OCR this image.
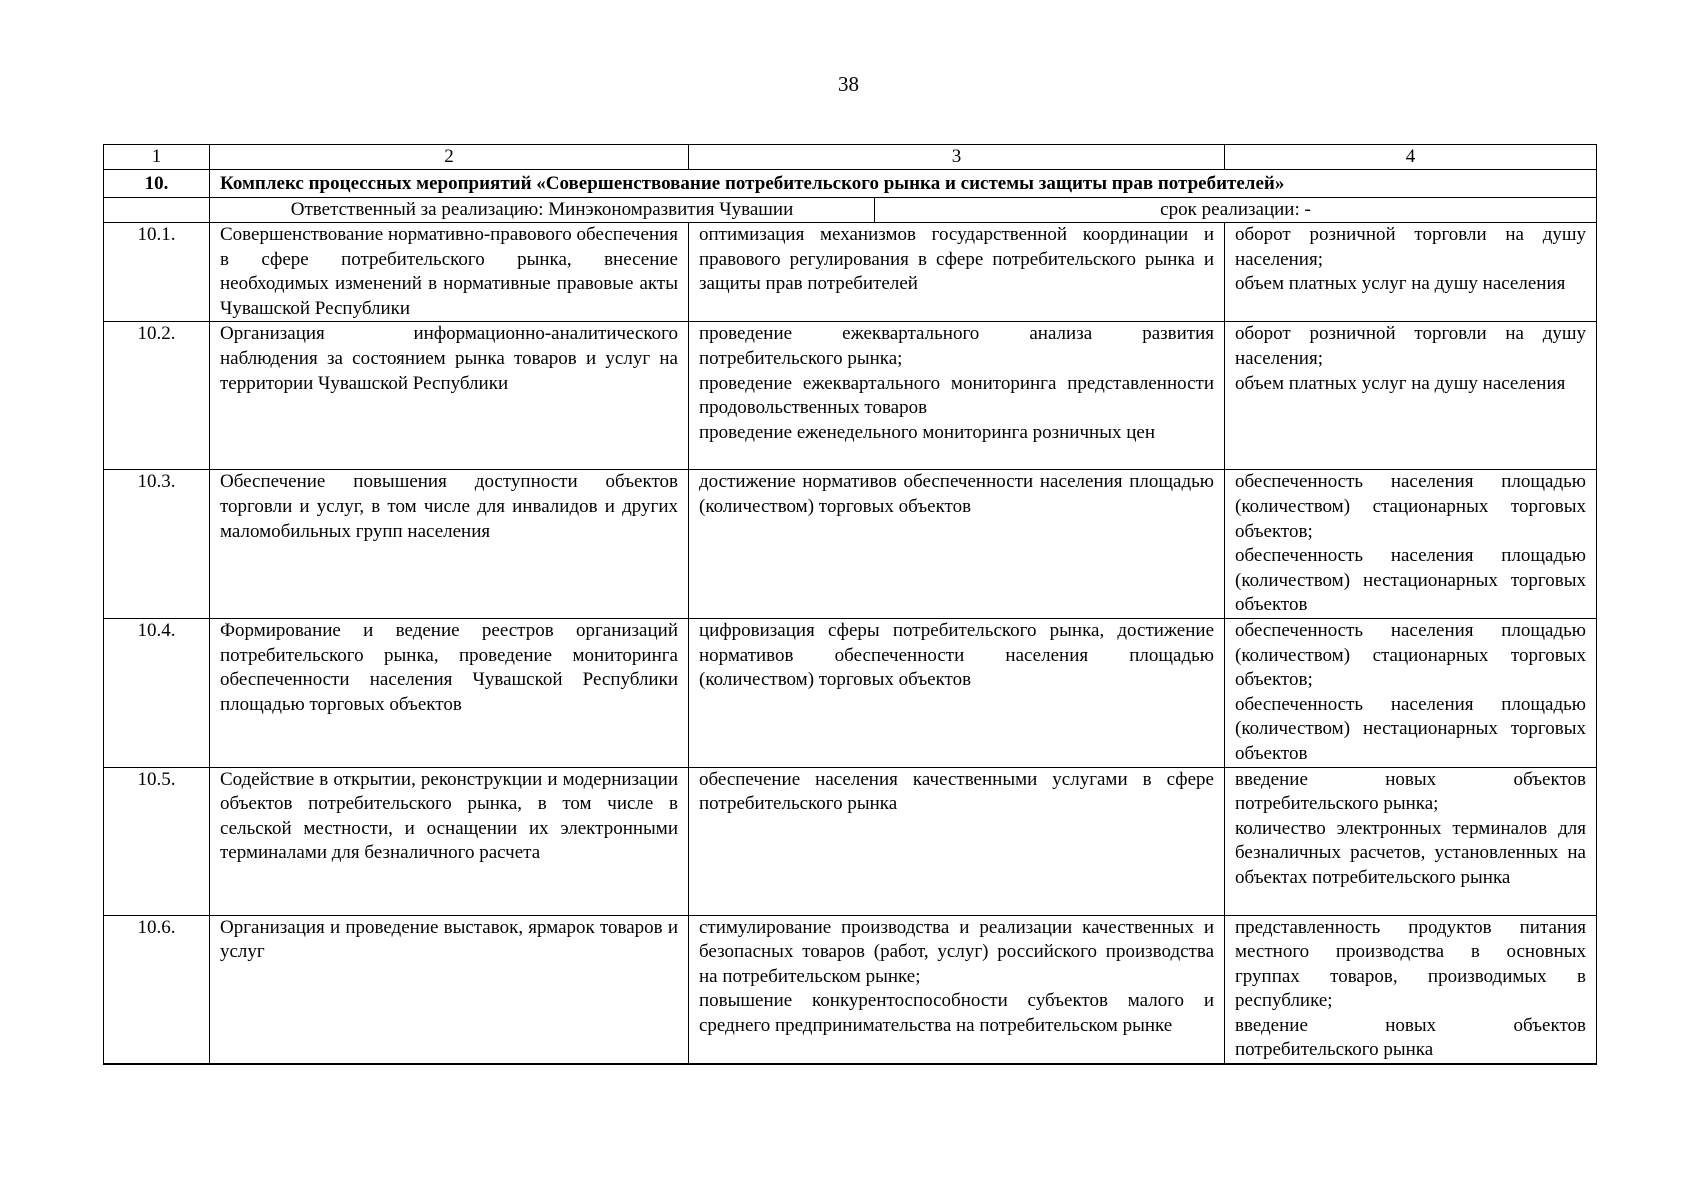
38
1	2	3	4
10.	Комплекс процессных мероприятий «Совершенствование потребительского рынка и системы защиты прав потребителей»		

	Ответственный за реализацию: Минэкономразвития Чувашии срок реализации: -		

10.1.	Совершенствование нормативно-правового обеспечения в сфере потребительского рынка, внесение необходимых изменений в нормативные правовые акты Чувашской Республики	оптимизация механизмов государственной координации и правового регулирования в сфере потребительского рынка и защиты прав потребителей	оборот розничной торговли на душу населения;
объем платных услуг на душу населения

10.2.	Организация информационно-аналитического наблюдения за состоянием рынка товаров и услуг на территории Чувашской Республики	проведение ежеквартального анализа развития потребительского рынка;
проведение ежеквартального мониторинга представленности продовольственных товаров
проведение еженедельного мониторинга розничных цен	оборот розничной торговли на душу населения;
объем платных услуг на душу населения

10.3.	Обеспечение повышения доступности объектов торговли и услуг, в том числе для инвалидов и других маломобильных групп населения	достижение нормативов обеспеченности населения площадью (количеством) торговых объектов	обеспеченность населения площадью (количеством) стационарных торговых объектов;
обеспеченность населения площадью (количеством) нестационарных торговых объектов

10.4.	Формирование и ведение реестров организаций потребительского рынка, проведение мониторинга обеспеченности населения Чувашской Республики площадью торговых объектов	цифровизация сферы потребительского рынка, достижение нормативов обеспеченности населения площадью (количеством) торговых объектов	обеспеченность населения площадью (количеством) стационарных торговых объектов;
обеспеченность населения площадью (количеством) нестационарных торговых объектов

10.5.	Содействие в открытии, реконструкции и модернизации объектов потребительского рынка, в том числе в сельской местности, и оснащении их электронными терминалами для безналичного расчета	обеспечение населения качественными услугами в сфере потребительского рынка	введение новых объектов потребительского рынка;
количество электронных терминалов для безналичных расчетов, установленных на объектах потребительского рынка

10.6.	Организация и проведение выставок, ярмарок товаров и услуг	стимулирование производства и реализации качественных и безопасных товаров (работ, услуг) российского производства на потребительском рынке;
повышение конкурентоспособности субъектов малого и среднего предпринимательства на потребительском рынке	представленность продуктов питания местного производства в основных группах товаров, производимых в республике;
введение новых объектов потребительского рынка
